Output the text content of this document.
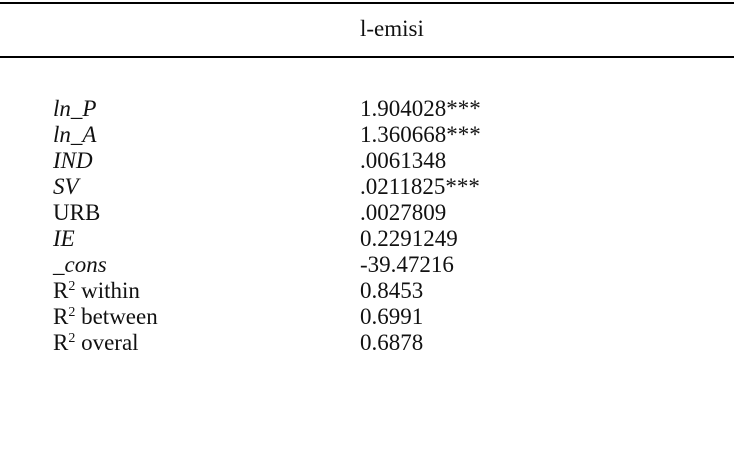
l-emisi
ln_P	1.904028***
ln_A	1.360668***
IND	.0061348
SV	.0211825***
URB	.0027809
IE	0.2291249
_cons	-39.47216
$R^2$ within	0.8453
$R^2$ between	0.6991
$R^2$ overal	0.6878
